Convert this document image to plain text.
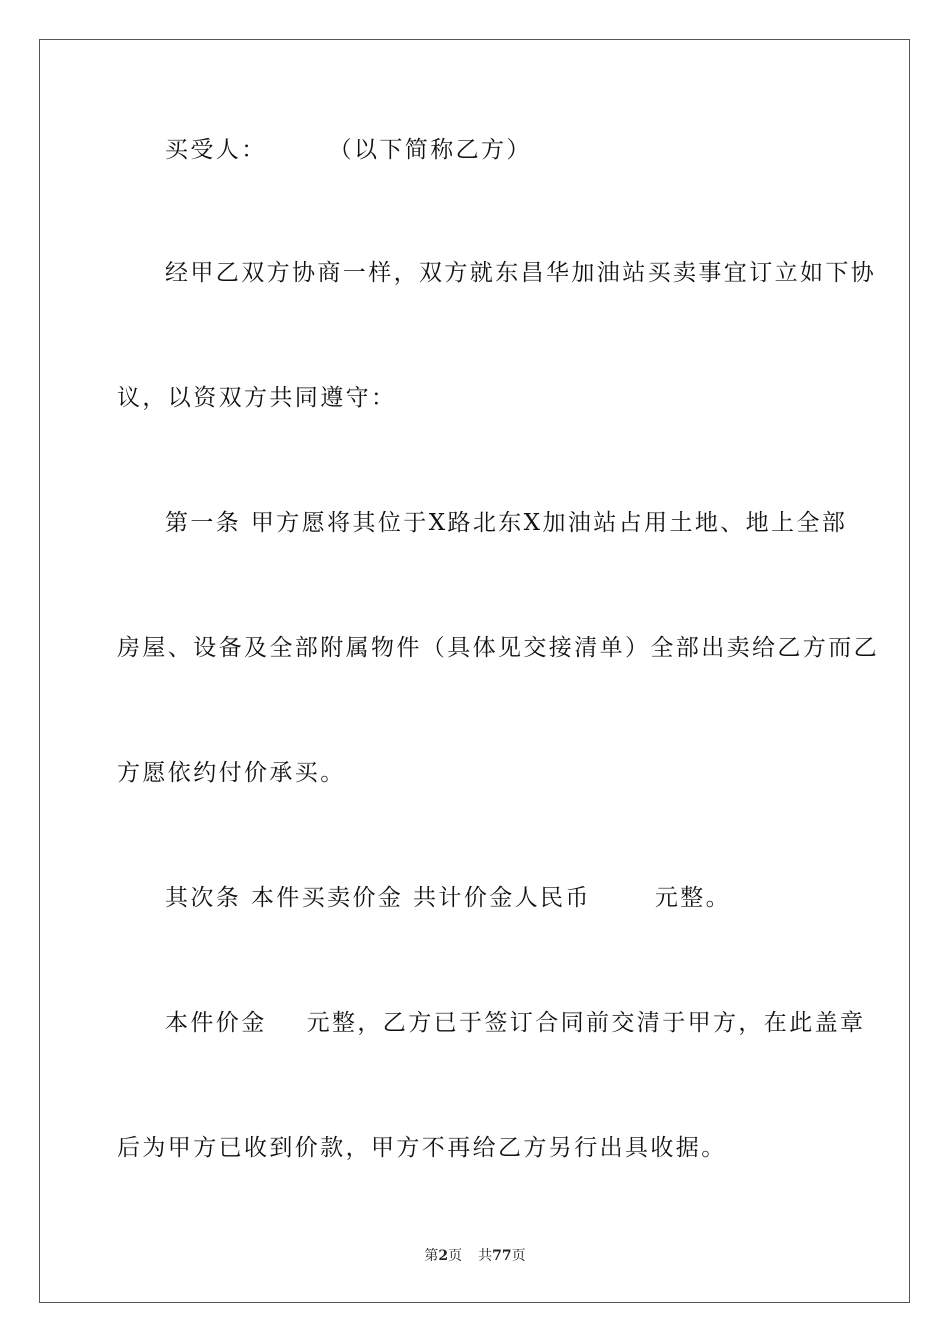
买受人：	（以下简称乙方）
经甲乙双方协商一样，双方就东昌华加油站买卖事宜订立如下协
议，以资双方共同遵守：
第一条 甲方愿将其位于X路北东X加油站占用土地、地上全部
房屋、设备及全部附属物件（具体见交接清单）全部出卖给乙方而乙
方愿依约付价承买。
其次条 本件买卖价金 共计价金人民币	元整。
本件价金 元整，乙方已于签订合同前交清于甲方，在此盖章
后为甲方已收到价款，甲方不再给乙方另行出具收据。
第2页 共77页
